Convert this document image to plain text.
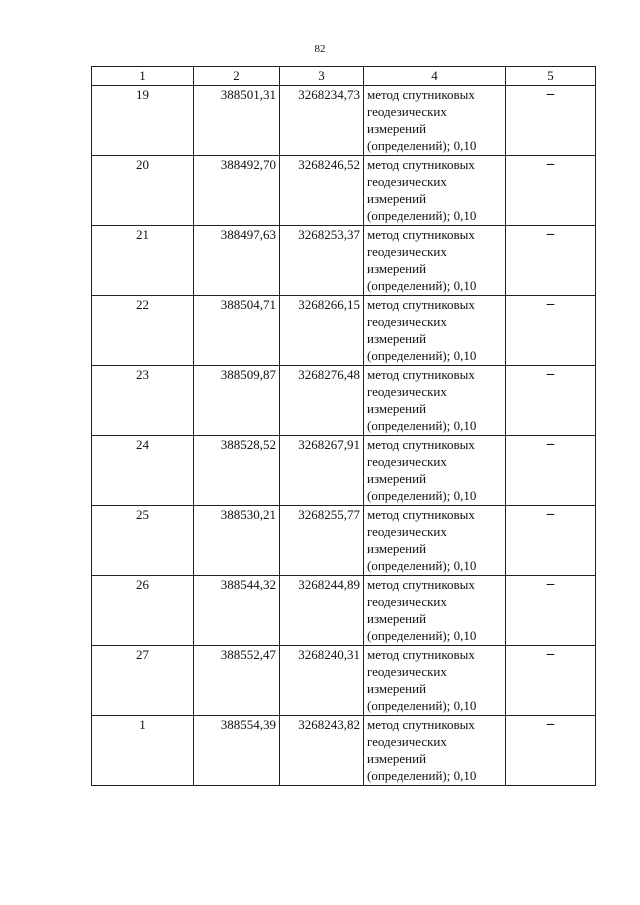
82
1	2	3	4	5
19	388501,31	3268234,73	метод спутниковых геодезических измерений (определений); 0,10	–
20	388492,70	3268246,52	метод спутниковых геодезических измерений (определений); 0,10	–
21	388497,63	3268253,37	метод спутниковых геодезических измерений (определений); 0,10	–
22	388504,71	3268266,15	метод спутниковых геодезических измерений (определений); 0,10	–
23	388509,87	3268276,48	метод спутниковых геодезических измерений (определений); 0,10	–
24	388528,52	3268267,91	метод спутниковых геодезических измерений (определений); 0,10	–
25	388530,21	3268255,77	метод спутниковых геодезических измерений (определений); 0,10	–
26	388544,32	3268244,89	метод спутниковых геодезических измерений (определений); 0,10	–
27	388552,47	3268240,31	метод спутниковых геодезических измерений (определений); 0,10	–
1	388554,39	3268243,82	метод спутниковых геодезических измерений (определений); 0,10	–
